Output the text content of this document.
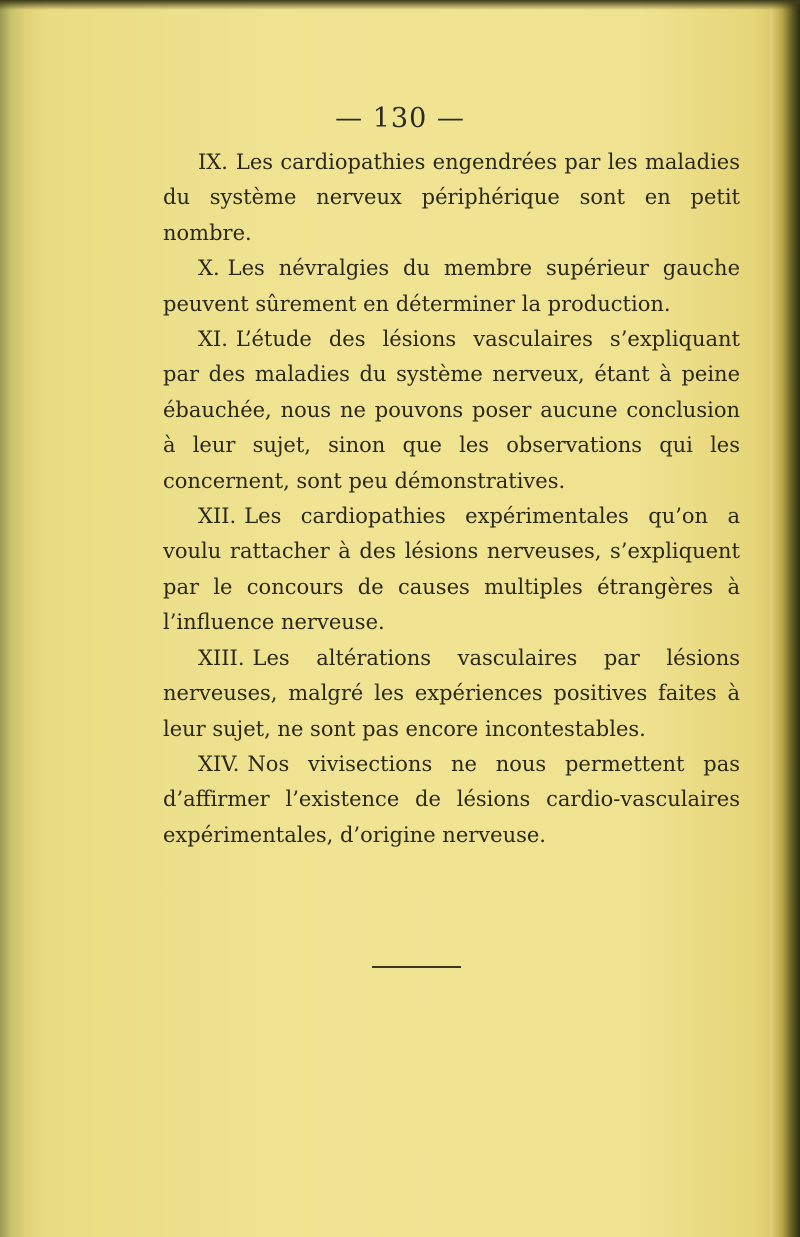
— 130 —

IX. Les cardiopathies engendrées par les maladies du système nerveux périphérique sont en petit nombre.

X. Les névralgies du membre supérieur gauche peuvent sûrement en déterminer la production.

XI. L’étude des lésions vasculaires s’expliquant par des maladies du système nerveux, étant à peine ébauchée, nous ne pouvons poser aucune conclusion à leur sujet, sinon que les observations qui les concernent, sont peu démonstratives.

XII. Les cardiopathies expérimentales qu’on a voulu rattacher à des lésions nerveuses, s’expliquent par le concours de causes multiples étrangères à l’influence nerveuse.

XIII. Les altérations vasculaires par lésions nerveuses, malgré les expériences positives faites à leur sujet, ne sont pas encore incontestables.

XIV. Nos vivisections ne nous permettent pas d’affirmer l’existence de lésions cardio-vasculaires expérimentales, d’origine nerveuse.
